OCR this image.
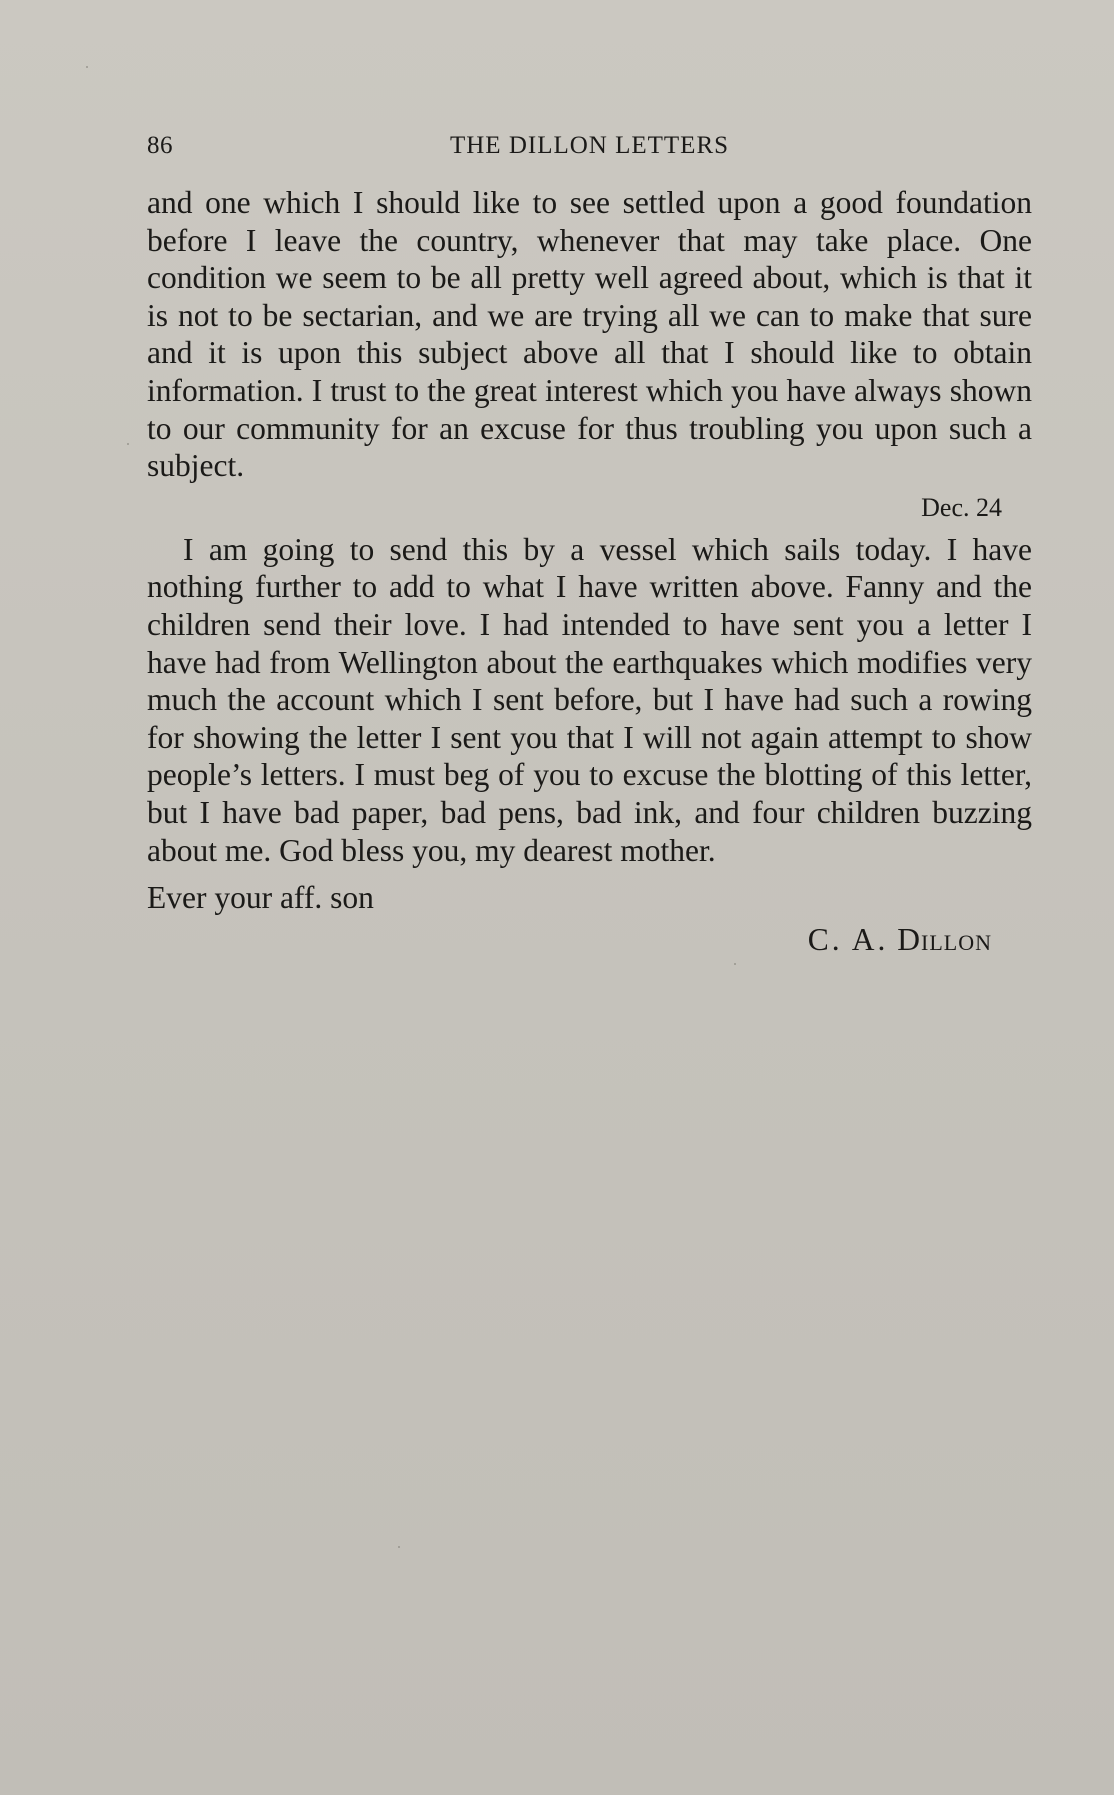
86	THE DILLON LETTERS

and one which I should like to see settled upon a good foundation before I leave the country, whenever that may take place. One condition we seem to be all pretty well agreed about, which is that it is not to be sectarian, and we are trying all we can to make that sure and it is upon this subject above all that I should like to obtain information. I trust to the great interest which you have always shown to our community for an excuse for thus troubling you upon such a subject.

Dec. 24

I am going to send this by a vessel which sails today. I have nothing further to add to what I have written above. Fanny and the children send their love. I had intended to have sent you a letter I have had from Wellington about the earthquakes which modifies very much the account which I sent before, but I have had such a rowing for showing the letter I sent you that I will not again attempt to show people’s letters. I must beg of you to excuse the blotting of this letter, but I have bad paper, bad pens, bad ink, and four children buzzing about me. God bless you, my dearest mother.

Ever your aff. son
C. A. Dillon
